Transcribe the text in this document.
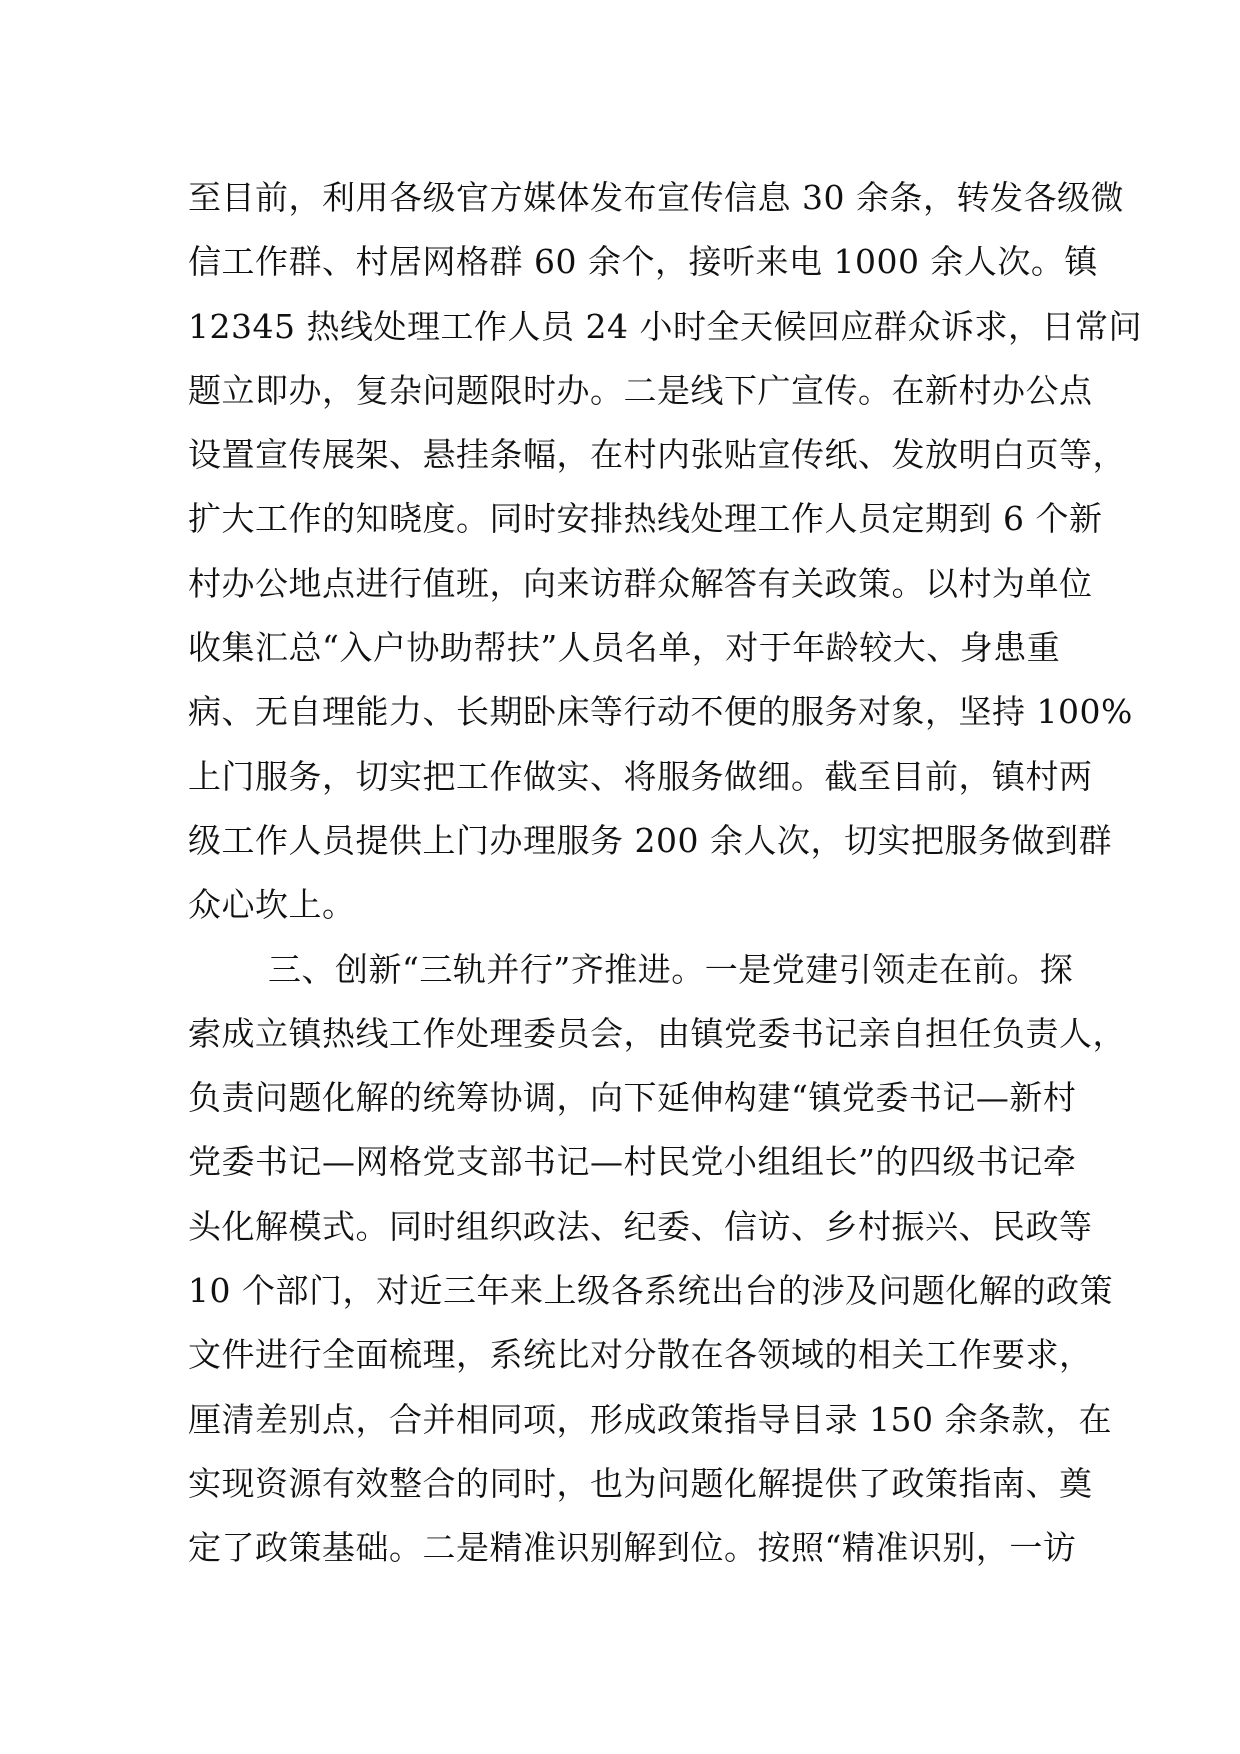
至目前，利用各级官方媒体发布宣传信息 30 余条，转发各级微
信工作群、村居网格群 60 余个，接听来电 1000 余人次。镇
12345 热线处理工作人员 24 小时全天候回应群众诉求，日常问
题立即办，复杂问题限时办。二是线下广宣传。在新村办公点
设置宣传展架、悬挂条幅，在村内张贴宣传纸、发放明白页等，
扩大工作的知晓度。同时安排热线处理工作人员定期到 6 个新
村办公地点进行值班，向来访群众解答有关政策。以村为单位
收集汇总“入户协助帮扶”人员名单，对于年龄较大、身患重
病、无自理能力、长期卧床等行动不便的服务对象，坚持 100%
上门服务，切实把工作做实、将服务做细。截至目前，镇村两
级工作人员提供上门办理服务 200 余人次，切实把服务做到群
众心坎上。
三、创新“三轨并行”齐推进。一是党建引领走在前。探
索成立镇热线工作处理委员会，由镇党委书记亲自担任负责人，
负责问题化解的统筹协调，向下延伸构建“镇党委书记—新村
党委书记—网格党支部书记—村民党小组组长”的四级书记牵
头化解模式。同时组织政法、纪委、信访、乡村振兴、民政等
10 个部门，对近三年来上级各系统出台的涉及问题化解的政策
文件进行全面梳理，系统比对分散在各领域的相关工作要求，
厘清差别点，合并相同项，形成政策指导目录 150 余条款，在
实现资源有效整合的同时，也为问题化解提供了政策指南、奠
定了政策基础。二是精准识别解到位。按照“精准识别，一访
